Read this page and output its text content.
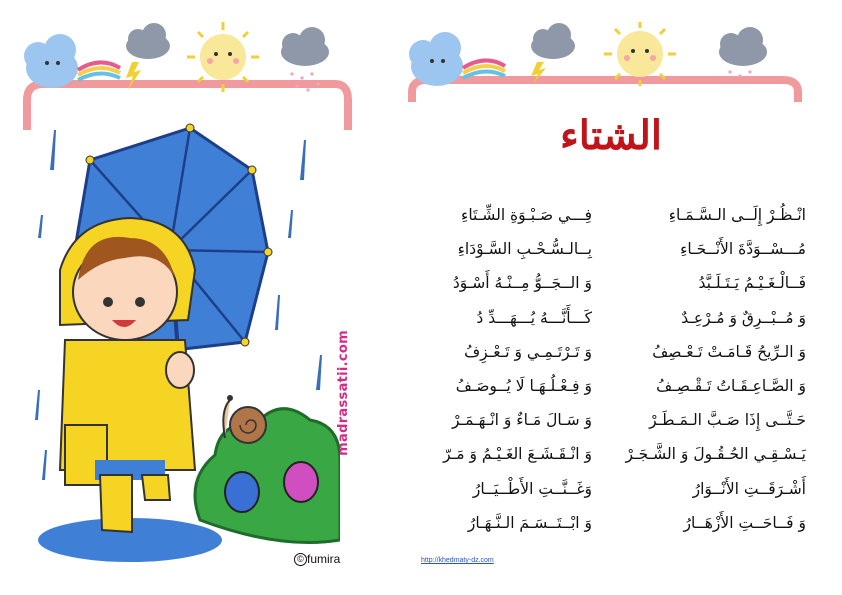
madrassatii.com
© fumira
الشتاء
انْـظُـرْ إِلَــى الـسَّـمَـاءِ
مُـــسْــوَدَّةَ الأَنْــحَـاءِ
فَــالْـغَـيْـمُ يَـتَـلَـبَّدُ
وَ مُــبْــرِقٌ وَ مُـرْعِـدٌ
وَ الـرِّيحُ قَـامَـتْ تَـعْـصِفُ
وَ الصَّـاعِـقَـاتُ تَـقْـصِـفُ
حَـتَّــى إِذَا صَـبَّ الـمَـطَـرْ
يَـسْـقِـي الحُـقُـولَ وَ الشَّـجَـرْ
أَشْـرَقَــتِ الأَنْــوَارُ
وَ فَــاحَــتِ الأَزْهَــارُ
فِـــي صَـبْـوَةِ الشِّـتَاءِ
بِــالـسُّـحْـبِ السَّـوْدَاءِ
وَ الــجَــوُّ مِــنْـهُ أَسْـوَدُ
كَـــأَنَّـــهُ يُـــهَـــدِّ دُ
وَ تَـرْتَـمِـي وَ تَـعْـزِفُ
وَ فِـعْـلُـهَـا لَا يُــوصَـفُ
وَ سَـالَ مَـاءٌ وَ انْـهَـمَـرْ
وَ انْـقَـشَـعَ الغَـيْـمُ وَ مَـرّ
وَغَــنَّــتِ الأَطْــيَــارُ
وَ ابْــتَــسَـمَ الـنَّـهَـارُ
http://khedmaty-dz.com
